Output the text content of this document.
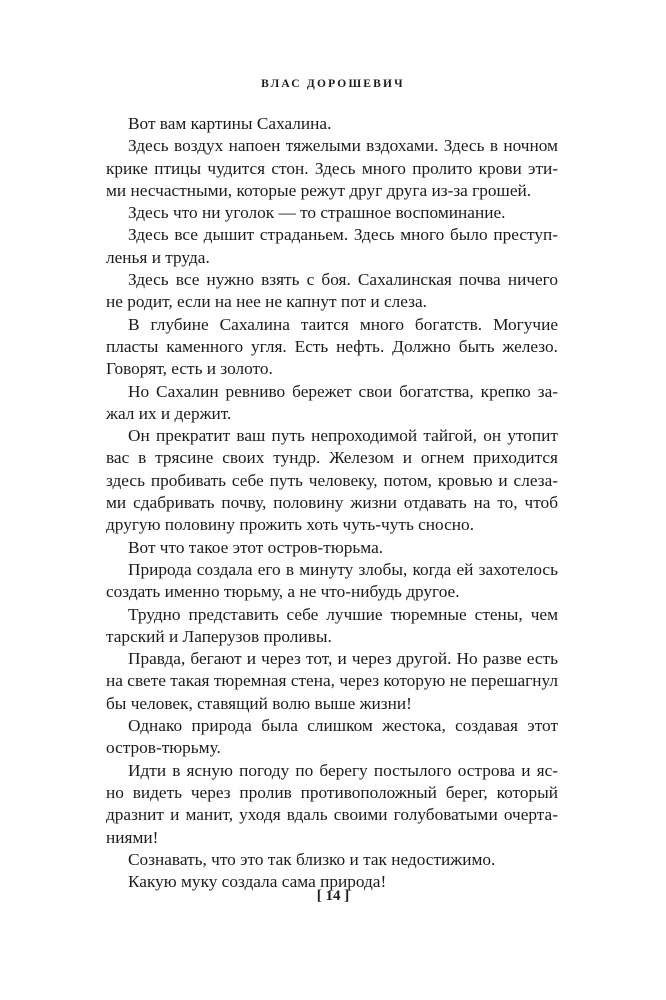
ВЛАС ДОРОШЕВИЧ
Вот вам картины Сахалина.
Здесь воздух напоен тяжелыми вздохами. Здесь в ночном
крике птицы чудится стон. Здесь много пролито крови эти-
ми несчастными, которые режут друг друга из-за грошей.
Здесь что ни уголок — то страшное воспоминание.
Здесь все дышит страданьем. Здесь много было преступ-
ленья и труда.
Здесь все нужно взять с боя. Сахалинская почва ничего
не родит, если на нее не капнут пот и слеза.
В глубине Сахалина таится много богатств. Могучие
пласты каменного угля. Есть нефть. Должно быть железо.
Говорят, есть и золото.
Но Сахалин ревниво бережет свои богатства, крепко за-
жал их и держит.
Он прекратит ваш путь непроходимой тайгой, он утопит
вас в трясине своих тундр. Железом и огнем приходится
здесь пробивать себе путь человеку, потом, кровью и слеза-
ми сдабривать почву, половину жизни отдавать на то, чтоб
другую половину прожить хоть чуть-чуть сносно.
Вот что такое этот остров-тюрьма.
Природа создала его в минуту злобы, когда ей захотелось
создать именно тюрьму, а не что-нибудь другое.
Трудно представить себе лучшие тюремные стены, чем
тарский и Лаперузов проливы.
Правда, бегают и через тот, и через другой. Но разве есть
на свете такая тюремная стена, через которую не перешагнул
бы человек, ставящий волю выше жизни!
Однако природа была слишком жестока, создавая этот
остров-тюрьму.
Идти в ясную погоду по берегу постылого острова и яс-
но видеть через пролив противоположный берег, который
дразнит и манит, уходя вдаль своими голубоватыми очерта-
ниями!
Сознавать, что это так близко и так недостижимо.
Какую муку создала сама природа!
[ 14 ]
